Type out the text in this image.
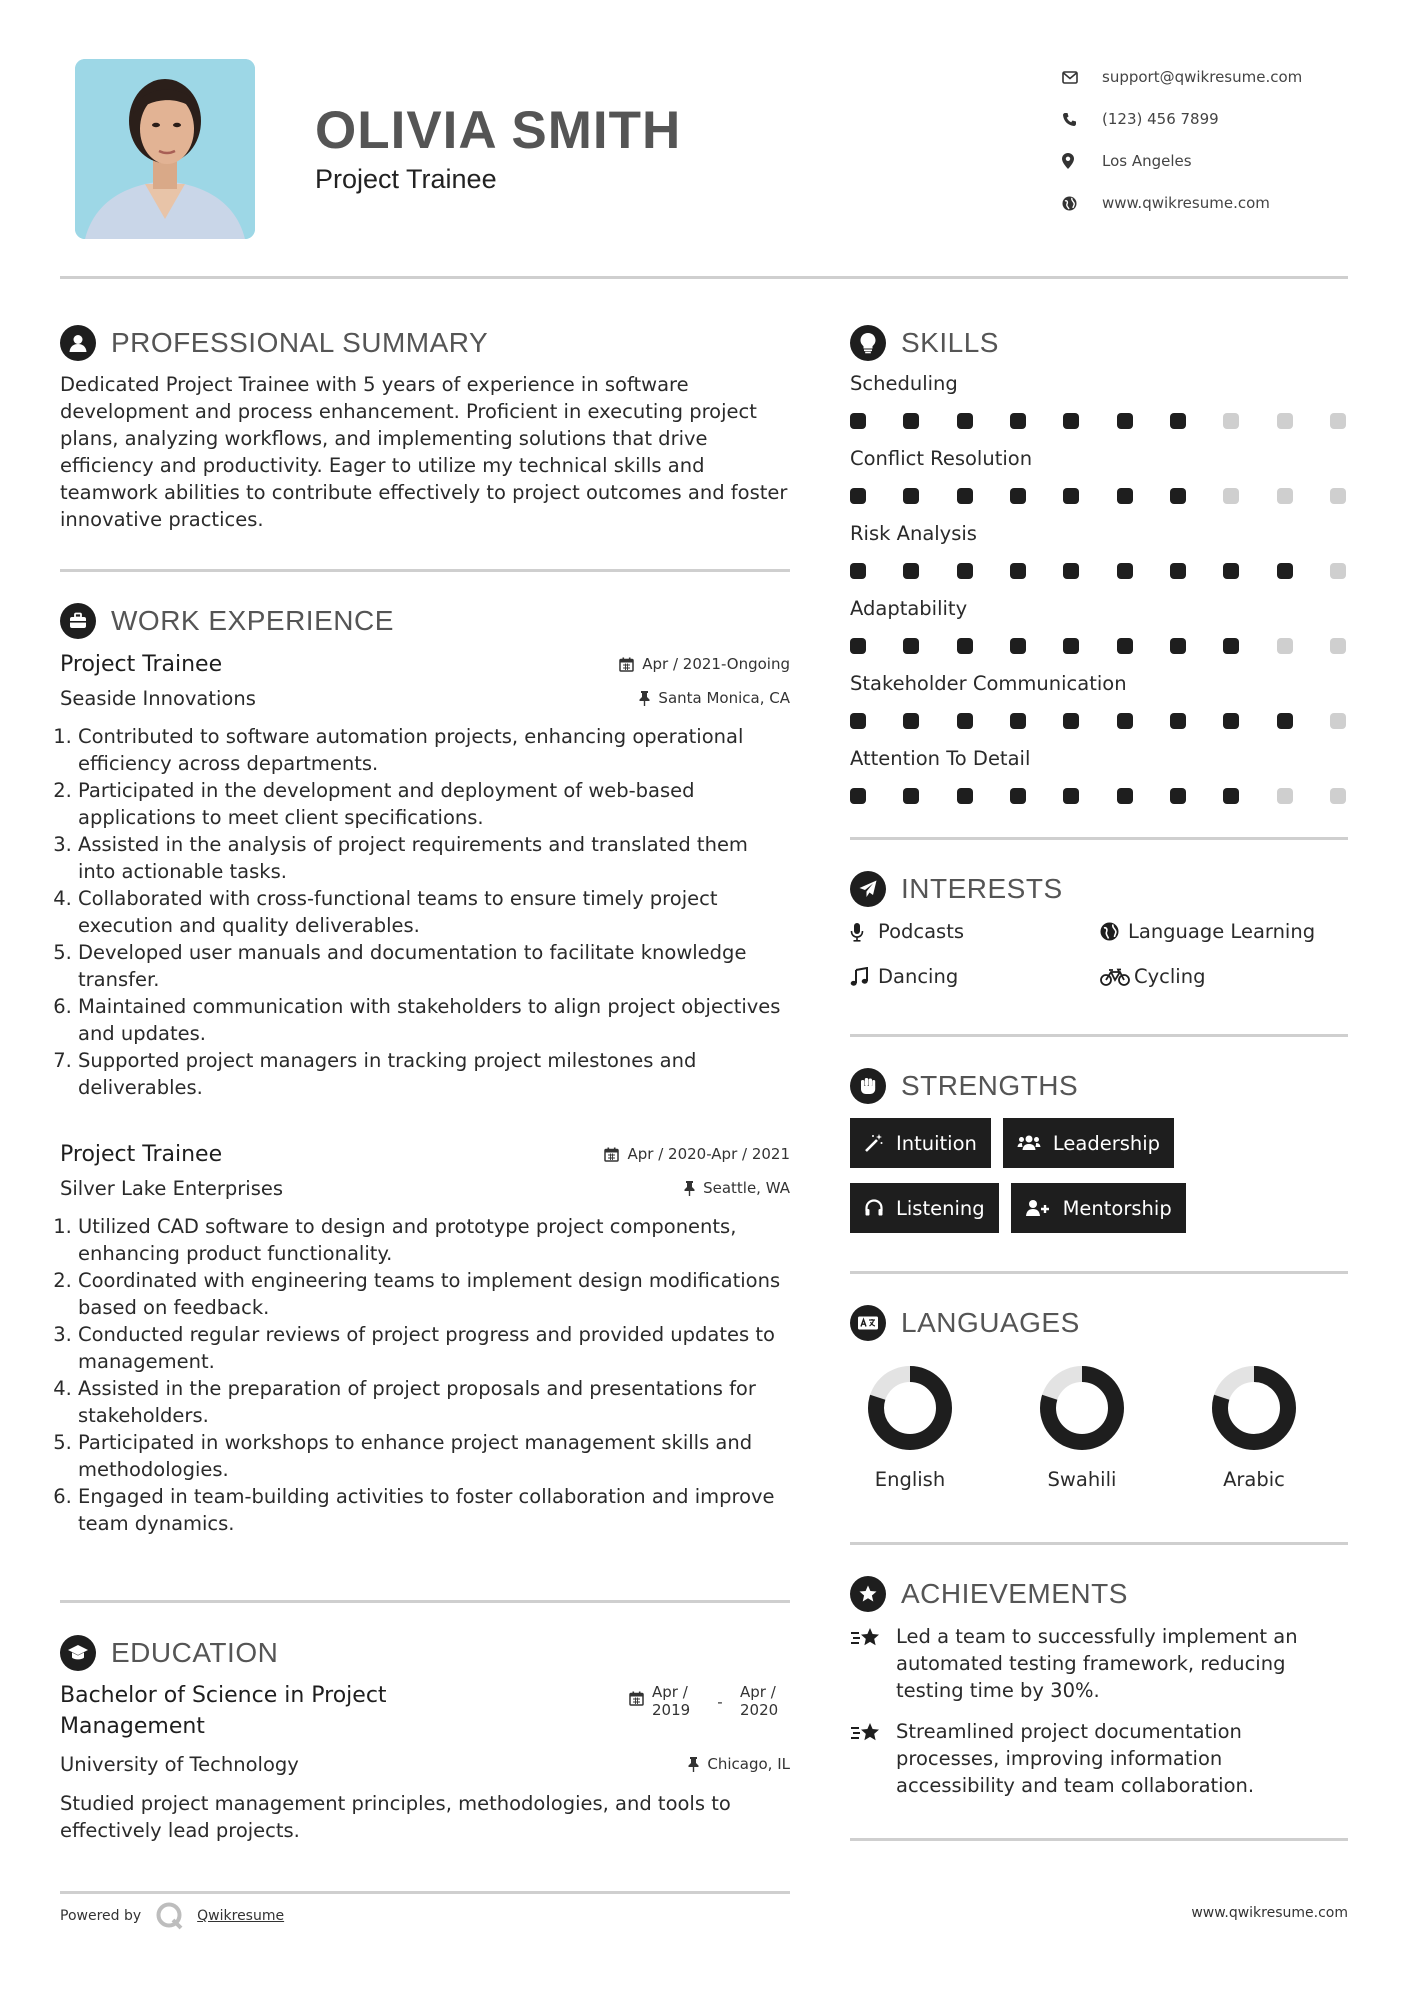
OLIVIA SMITH
Project Trainee
support@qwikresume.com
(123) 456 7899
Los Angeles
www.qwikresume.com
PROFESSIONAL SUMMARY
Dedicated Project Trainee with 5 years of experience in software development and process enhancement. Proficient in executing project plans, analyzing workflows, and implementing solutions that drive efficiency and productivity. Eager to utilize my technical skills and teamwork abilities to contribute effectively to project outcomes and foster innovative practices.
WORK EXPERIENCE
Project Trainee	Apr / 2021-Ongoing
Seaside Innovations	Santa Monica, CA
1. Contributed to software automation projects, enhancing operational efficiency across departments.
2. Participated in the development and deployment of web-based applications to meet client specifications.
3. Assisted in the analysis of project requirements and translated them into actionable tasks.
4. Collaborated with cross-functional teams to ensure timely project execution and quality deliverables.
5. Developed user manuals and documentation to facilitate knowledge transfer.
6. Maintained communication with stakeholders to align project objectives and updates.
7. Supported project managers in tracking project milestones and deliverables.
Project Trainee	Apr / 2020-Apr / 2021
Silver Lake Enterprises	Seattle, WA
1. Utilized CAD software to design and prototype project components, enhancing product functionality.
2. Coordinated with engineering teams to implement design modifications based on feedback.
3. Conducted regular reviews of project progress and provided updates to management.
4. Assisted in the preparation of project proposals and presentations for stakeholders.
5. Participated in workshops to enhance project management skills and methodologies.
6. Engaged in team-building activities to foster collaboration and improve team dynamics.
EDUCATION
Bachelor of Science in Project
Management
Apr /
2019	-
Apr /
2020
University of Technology	Chicago, IL
Studied project management principles, methodologies, and tools to effectively lead projects.
SKILLS
Scheduling
Conflict Resolution
Risk Analysis
Adaptability
Stakeholder Communication
Attention To Detail
INTERESTS
Podcasts	Language Learning
Dancing	Cycling
STRENGTHS
Intuition	Leadership
Listening	Mentorship
LANGUAGES
English	Swahili	Arabic
ACHIEVEMENTS
Led a team to successfully implement an automated testing framework, reducing testing time by 30%.
Streamlined project documentation processes, improving information accessibility and team collaboration.
Powered by	Qwikresume	www.qwikresume.com
